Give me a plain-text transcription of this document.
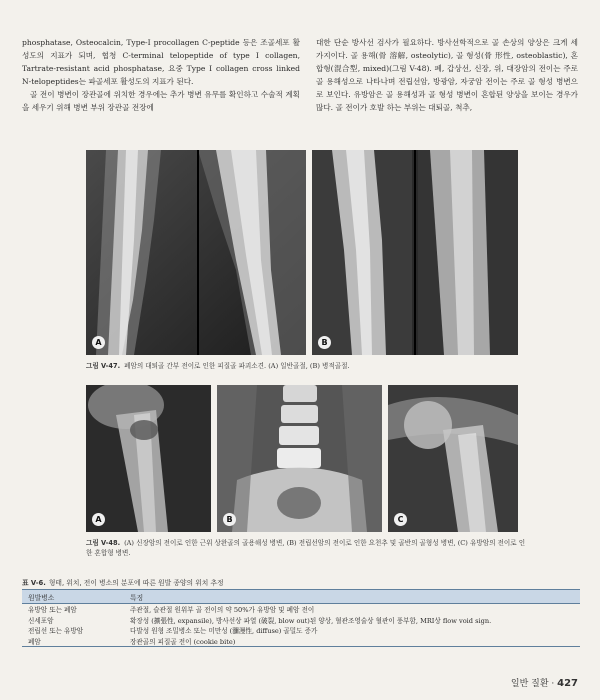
phosphatase, Osteocalcin, Type-I procollagen C-peptide 등은 조골세포 활성도의 지표가 되며, 협청 C-terminal telopeptide of type I collagen, Tartrate-resistant acid phosphatase, 요중 Type I collagen cross linked N-telopeptides는 파골세포 활성도의 지표가 된다.

골 전이 병변이 장관골에 위치한 경우에는 추가 병변 유무를 확인하고 수술적 계획을 세우기 위해 병변 부위 장관골 전장에

대한 단순 방사선 검사가 필요하다. 방사선학적으로 골 손상의 양상은 크게 세 가지이다. 골 용해(骨 溶解, osteolytic), 골 형성(骨 形性, osteoblastic), 혼합형(混合型, mixed)(그림 V-48). 폐, 갑상선, 신장, 위, 대장암의 전이는 주로 골 용해성으로 나타나며 전립선암, 방광암, 자궁암 전이는 주로 골 형성 병변으로 보인다. 유방암은 골 용해성과 골 형성 병변이 혼합된 양상을 보이는 경우가 많다. 골 전이가 호발 하는 부위는 대퇴골, 척추,

A	B
그림 V-47. 폐암의 대퇴골 간부 전이로 인한 피질골 파괴소견. (A) 일반골절, (B) 병적골절.
A	B	C
그림 V-48. (A) 신장암의 전이로 인한 근위 상완골의 골용해성 병변, (B) 전립선암의 전이로 인한 요천추 및 골반의 골형성 병변, (C) 유방암의 전이로 인한 혼합형 병변.
표 V-6. 형태, 위치, 전이 병소의 분포에 따른 원발 종양의 위치 추정
원발병소	특징
유방암 또는 폐암	주관절, 슬관절 원위부 골 전이의 약 50%가 유방암 및 폐암 전이
신세포암	확장성 (擴張性, expansile), 방사선상 파열 (破裂, blow out)된 양상, 혈관조영술상 혈관이 풍부함, MRI상 flow void sign.
전립선 또는 유방암	다발성 원형 조밀병소 또는 미만성 (瀰漫性, diffuse) 골밀도 증가
폐암	장관골의 피질골 전이 (cookie bite)
일반 질환 · 427
